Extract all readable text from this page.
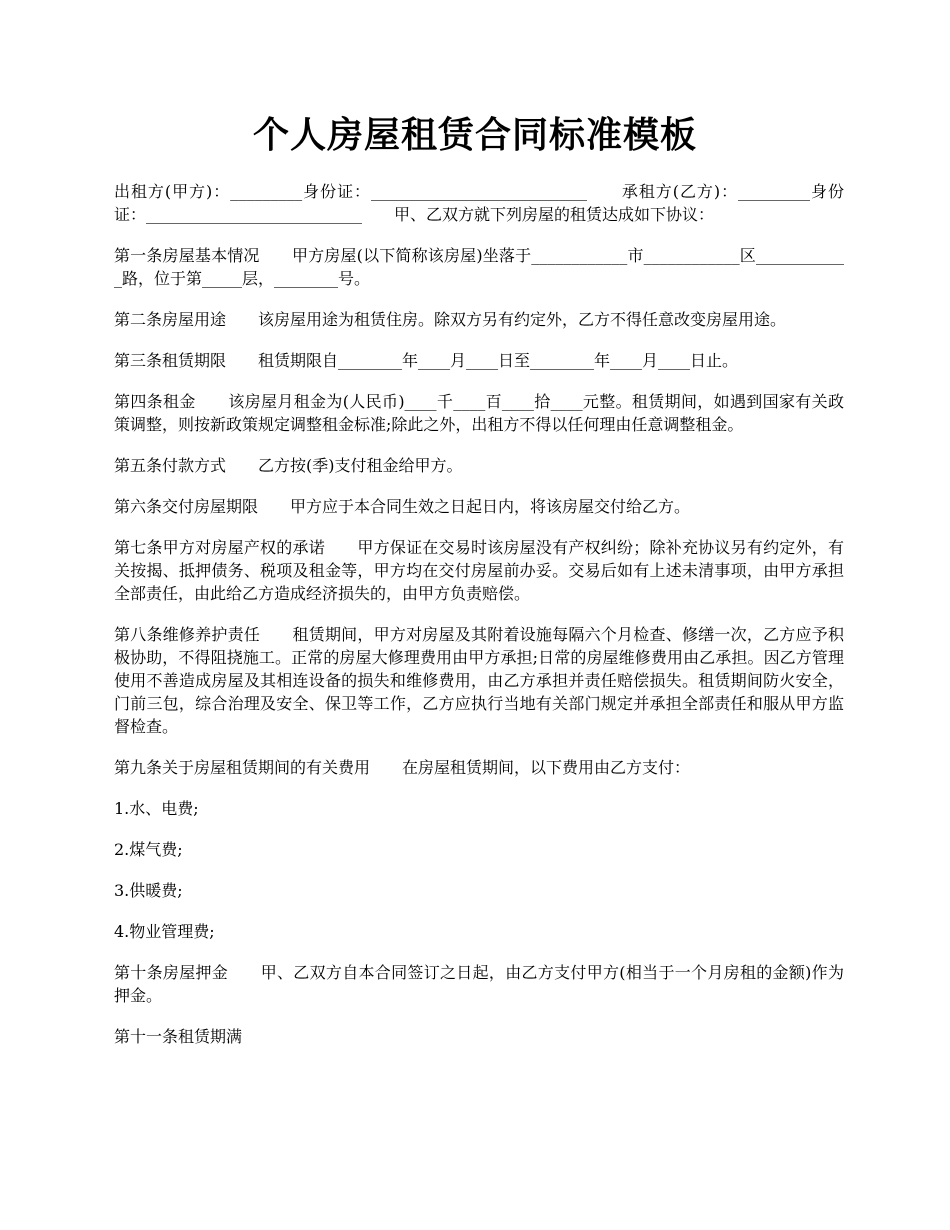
个人房屋租赁合同标准模板

出租方(甲方)：_________身份证：___________________________　　承租方(乙方)：_________身份证：___________________________　　甲、乙双方就下列房屋的租赁达成如下协议：

第一条房屋基本情况　　甲方房屋(以下简称该房屋)坐落于____________市____________区____________路，位于第_____层，________号。

第二条房屋用途　　该房屋用途为租赁住房。除双方另有约定外，乙方不得任意改变房屋用途。

第三条租赁期限　　租赁期限自________年____月____日至________年____月____日止。

第四条租金　　该房屋月租金为(人民币)____千____百____拾____元整。租赁期间，如遇到国家有关政策调整，则按新政策规定调整租金标准;除此之外，出租方不得以任何理由任意调整租金。

第五条付款方式　　乙方按(季)支付租金给甲方。

第六条交付房屋期限　　甲方应于本合同生效之日起日内，将该房屋交付给乙方。

第七条甲方对房屋产权的承诺　　甲方保证在交易时该房屋没有产权纠纷；除补充协议另有约定外，有关按揭、抵押债务、税项及租金等，甲方均在交付房屋前办妥。交易后如有上述未清事项，由甲方承担全部责任，由此给乙方造成经济损失的，由甲方负责赔偿。

第八条维修养护责任　　租赁期间，甲方对房屋及其附着设施每隔六个月检查、修缮一次，乙方应予积极协助，不得阻挠施工。正常的房屋大修理费用由甲方承担;日常的房屋维修费用由乙承担。因乙方管理使用不善造成房屋及其相连设备的损失和维修费用，由乙方承担并责任赔偿损失。租赁期间防火安全，门前三包，综合治理及安全、保卫等工作，乙方应执行当地有关部门规定并承担全部责任和服从甲方监督检查。

第九条关于房屋租赁期间的有关费用　　在房屋租赁期间，以下费用由乙方支付：

1.水、电费;

2.煤气费;

3.供暖费;

4.物业管理费;

第十条房屋押金　　甲、乙双方自本合同签订之日起，由乙方支付甲方(相当于一个月房租的金额)作为押金。

第十一条租赁期满
